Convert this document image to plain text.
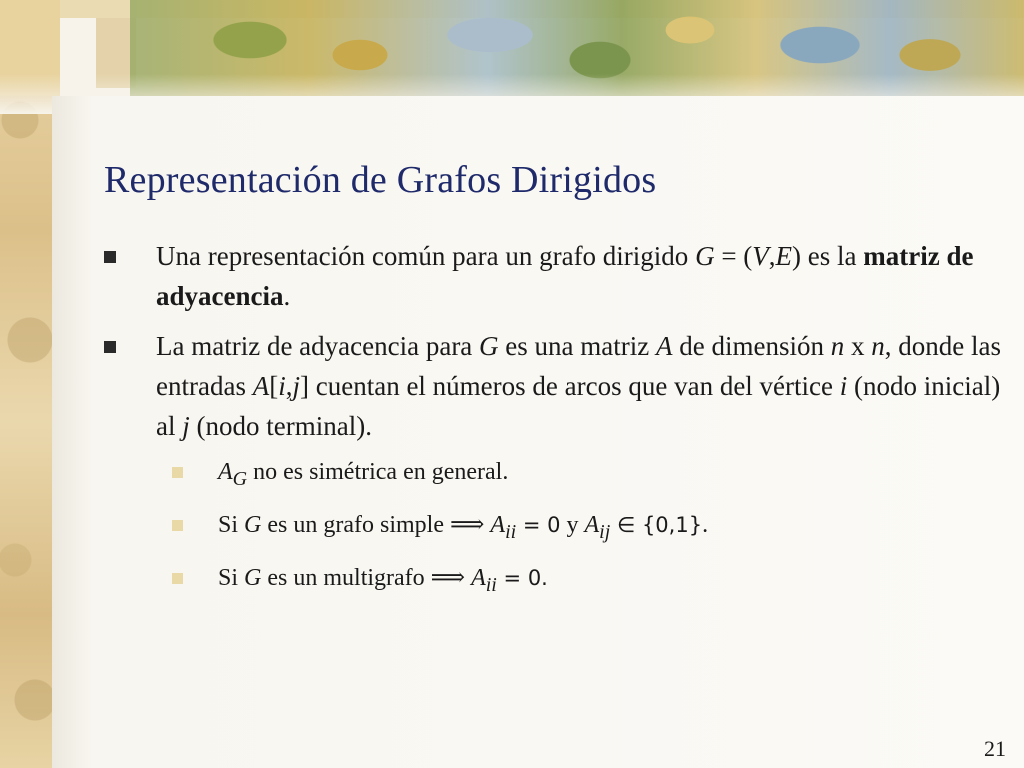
Representación de Grafos Dirigidos
Una representación común para un grafo dirigido G = (V,E) es la matriz de adyacencia.
La matriz de adyacencia para G es una matriz A de dimensión n x n, donde las entradas A[i,j] cuentan el números de arcos que van del vértice i (nodo inicial) al j (nodo terminal).
$A_G$ no es simétrica en general.
Si G es un grafo simple ⟹ $A_{ii} = 0$ y $A_{ij}$ ∈ {0,1}.
Si G es un multigrafo ⟹ $A_{ii} = 0$.
21
